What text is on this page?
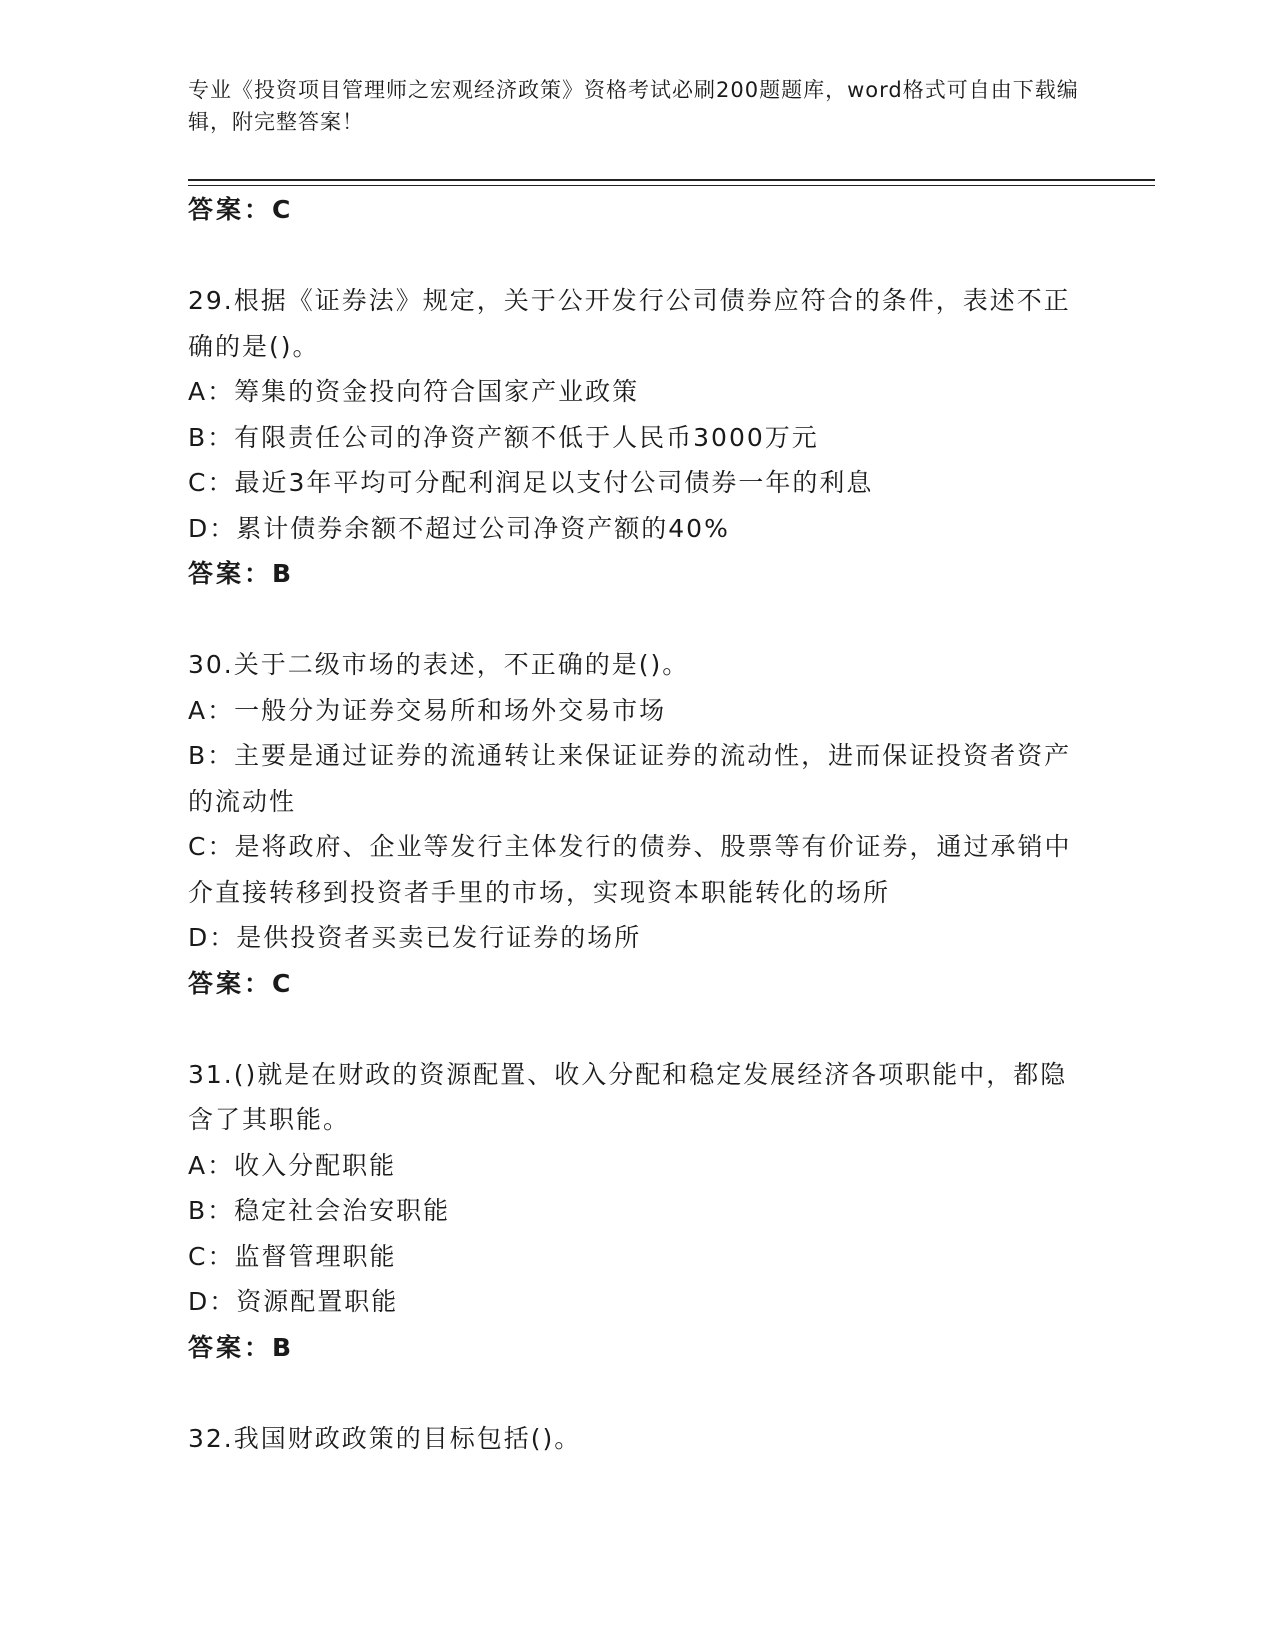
专业《投资项目管理师之宏观经济政策》资格考试必刷200题题库，word格式可自由下载编辑，附完整答案！
答案：C
29.根据《证券法》规定，关于公开发行公司债券应符合的条件，表述不正确的是()。
A：筹集的资金投向符合国家产业政策
B：有限责任公司的净资产额不低于人民币3000万元
C：最近3年平均可分配利润足以支付公司债券一年的利息
D：累计债券余额不超过公司净资产额的40%
答案：B
30.关于二级市场的表述，不正确的是()。
A：一般分为证券交易所和场外交易市场
B：主要是通过证券的流通转让来保证证券的流动性，进而保证投资者资产的流动性
C：是将政府、企业等发行主体发行的债券、股票等有价证券，通过承销中介直接转移到投资者手里的市场，实现资本职能转化的场所
D：是供投资者买卖已发行证券的场所
答案：C
31.()就是在财政的资源配置、收入分配和稳定发展经济各项职能中，都隐含了其职能。
A：收入分配职能
B：稳定社会治安职能
C：监督管理职能
D：资源配置职能
答案：B
32.我国财政政策的目标包括()。
